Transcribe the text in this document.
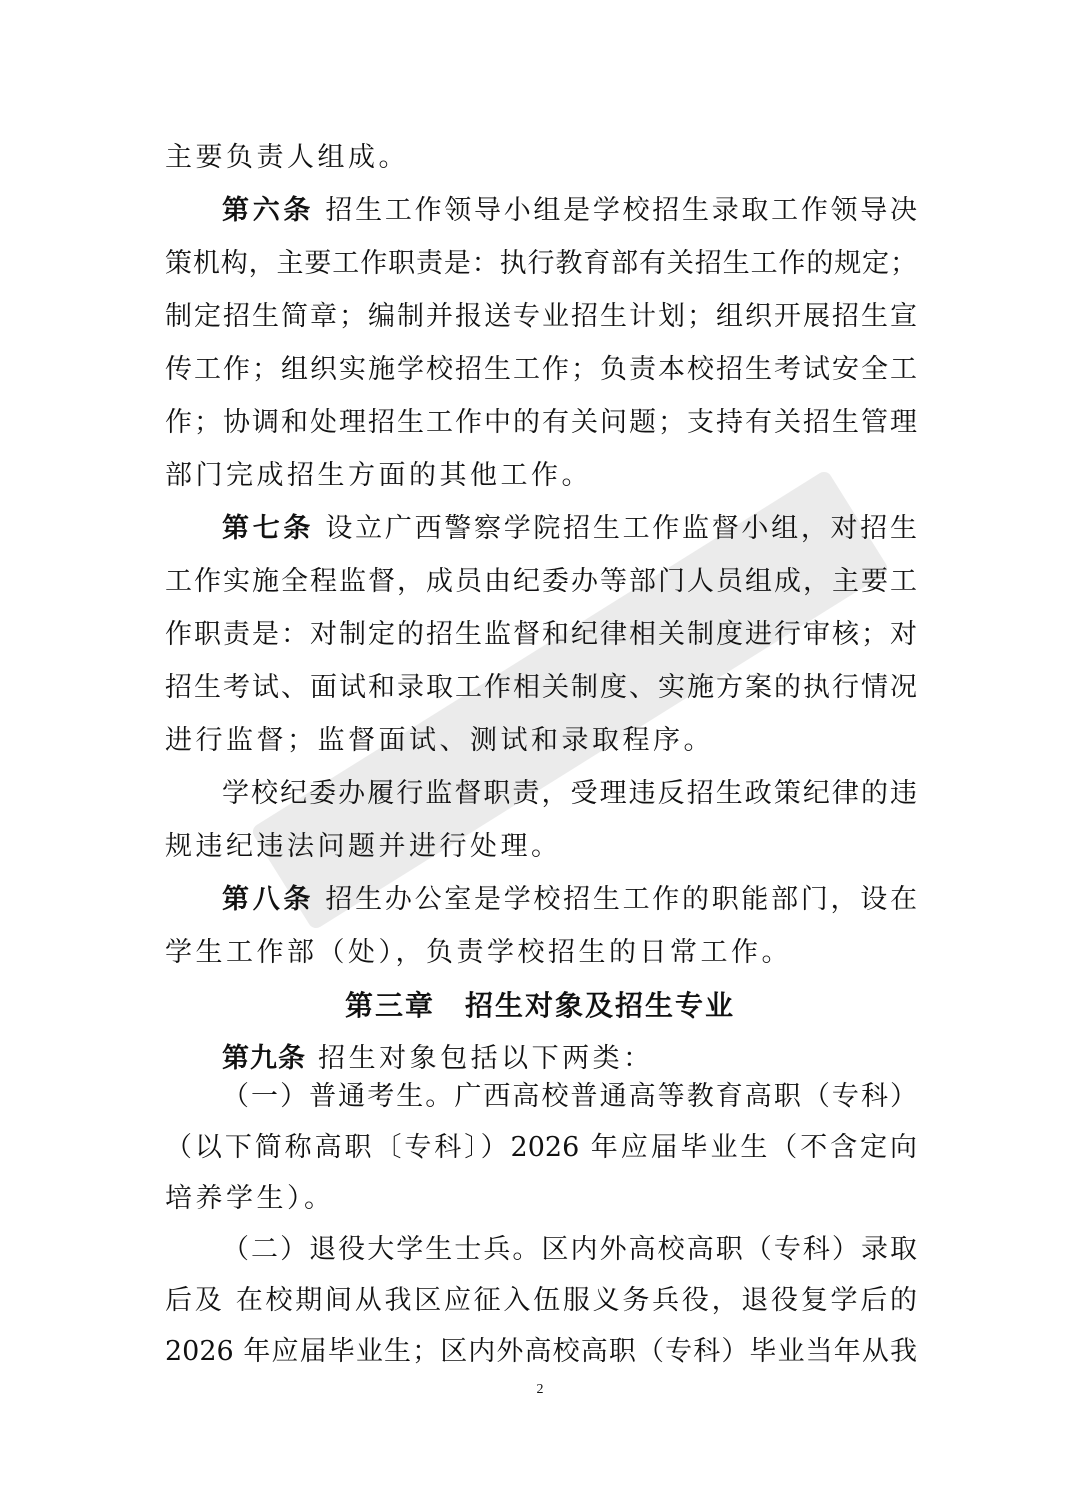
主要负责人组成。
第六条 招生工作领导小组是学校招生录取工作领导决
策机构，主要工作职责是：执行教育部有关招生工作的规定；
制定招生简章；编制并报送专业招生计划；组织开展招生宣
传工作；组织实施学校招生工作；负责本校招生考试安全工
作；协调和处理招生工作中的有关问题；支持有关招生管理
部门完成招生方面的其他工作。
第七条 设立广西警察学院招生工作监督小组，对招生
工作实施全程监督，成员由纪委办等部门人员组成，主要工
作职责是：对制定的招生监督和纪律相关制度进行审核；对
招生考试、面试和录取工作相关制度、实施方案的执行情况
进行监督；监督面试、测试和录取程序。
学校纪委办履行监督职责，受理违反招生政策纪律的违
规违纪违法问题并进行处理。
第八条 招生办公室是学校招生工作的职能部门，设在
学生工作部（处），负责学校招生的日常工作。
第三章　招生对象及招生专业
第九条 招生对象包括以下两类：
（一）普通考生。广西高校普通高等教育高职（专科）
（以下简称高职〔专科〕）2026 年应届毕业生（不含定向
培养学生）。
（二）退役大学生士兵。区内外高校高职（专科）录取
后及 在校期间从我区应征入伍服义务兵役，退役复学后的
2
2026 年应届毕业生；区内外高校高职（专科）毕业当年从我
